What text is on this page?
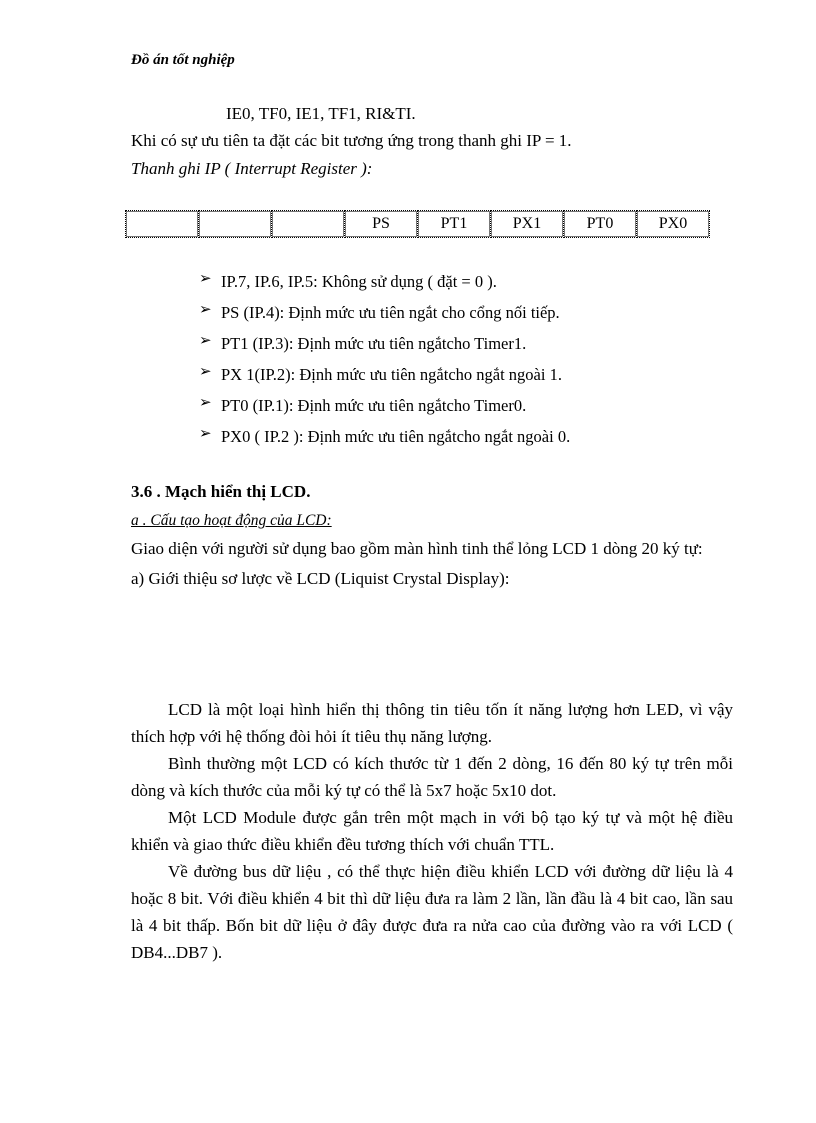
Đồ án tốt nghiệp
IE0, TF0, IE1, TF1, RI&TI.
Khi có sự ưu tiên ta đặt các bit tương ứng trong thanh ghi IP = 1.
Thanh ghi IP ( Interrupt Register ):
			PS	PT1	PX1	PT0	PX0
➢ IP.7, IP.6, IP.5: Không sử dụng ( đặt = 0 ).
➢ PS (IP.4): Định mức ưu tiên ngắt cho cổng nối tiếp.
➢ PT1 (IP.3): Định mức ưu tiên ngắtcho Timer1.
➢ PX 1(IP.2): Định mức ưu tiên ngắtcho ngắt ngoài 1.
➢ PT0 (IP.1): Định mức ưu tiên ngắtcho Timer0.
➢ PX0 ( IP.2 ): Định mức ưu tiên ngắtcho ngắt ngoài 0.
3.6 . Mạch hiển thị LCD.
a . Cấu tạo hoạt động của LCD:
Giao diện với người sử dụng bao gồm màn hình tinh thể lỏng LCD 1 dòng 20 ký tự:
a) Giới thiệu sơ lược về LCD (Liquist Crystal Display):

LCD là một loại hình hiển thị thông tin tiêu tốn ít năng lượng hơn LED, vì vậy thích hợp với hệ thống đòi hỏi ít tiêu thụ năng lượng.

Bình thường một LCD có kích thước từ 1 đến 2 dòng, 16 đến 80 ký tự trên mỗi dòng và kích thước của mỗi ký tự có thể là 5x7 hoặc 5x10 dot.

Một LCD Module được gắn trên một mạch in với bộ tạo ký tự và một hệ điều khiển và giao thức điều khiển đều tương thích với chuẩn TTL.

Về đường bus dữ liệu , có thể thực hiện điều khiển LCD với đường dữ liệu là 4 hoặc 8 bit. Với điều khiển 4 bit thì dữ liệu đưa ra làm 2 lần, lần đầu là 4 bit cao, lần sau là 4 bit thấp. Bốn bit dữ liệu ở đây được đưa ra nửa cao của đường vào ra với LCD ( DB4...DB7 ).
